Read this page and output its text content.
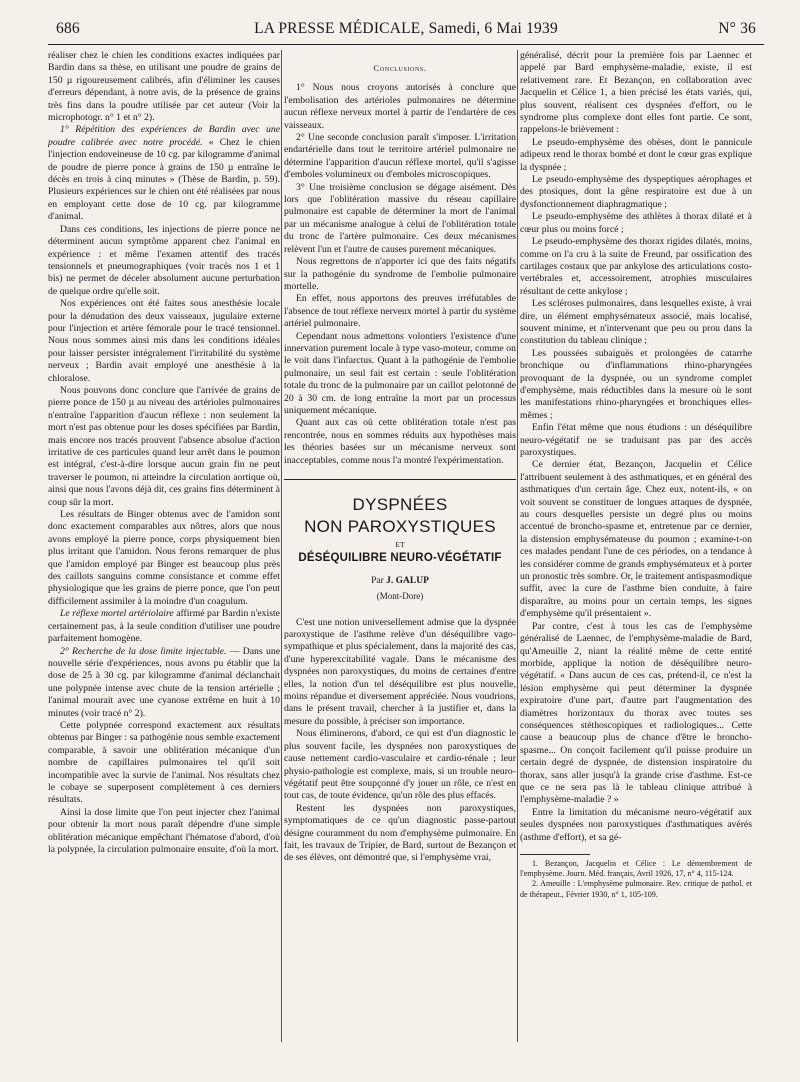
686	LA PRESSE MÉDICALE, Samedi, 6 Mai 1939	N° 36

réaliser chez le chien les conditions exactes indiquées par Bardin dans sa thèse, en utilisant une poudre de grains de 150 µ rigoureusement calibrés, afin d'éliminer les causes d'erreurs dépendant, à notre avis, de la présence de grains très fins dans la poudre utilisée par cet auteur (Voir la microphotogr. n° 1 et n° 2).

1° Répétition des expériences de Bardin avec une poudre calibrée avec notre procédé. « Chez le chien l'injection endoveineuse de 10 cg. par kilogramme d'animal de poudre de pierre ponce à grains de 150 µ entraîne le décès en trois à cinq minutes » (Thèse de Bardin, p. 59). Plusieurs expériences sur le chien ont été réalisées par nous en employant cette dose de 10 cg. par kilogramme d'animal.

Dans ces conditions, les injections de pierre ponce ne déterminent aucun symptôme apparent chez l'animal en expérience : et même l'examen attentif des tracés tensionnels et pneumographiques (voir tracés nos 1 et 1 bis) ne permet de déceler absolument aucune perturbation de quelque ordre qu'elle soit.

Nos expériences ont été faites sous anesthésie locale pour la dénudation des deux vaisseaux, jugulaire externe pour l'injection et artère fémorale pour le tracé tensionnel. Nous nous sommes ainsi mis dans les conditions idéales pour laisser persister intégralement l'irritabilité du système nerveux ; Bardin avait employé une anesthésie à la chloralose.

Nous pouvons donc conclure que l'arrivée de grains de pierre ponce de 150 µ au niveau des artérioles pulmonaires n'entraîne l'apparition d'aucun réflexe : non seulement la mort n'est pas obtenue pour les doses spécifiées par Bardin, mais encore nos tracés prouvent l'absence absolue d'action irritative de ces particules quand leur arrêt dans le poumon est intégral, c'est-à-dire lorsque aucun grain fin ne peut traverser le poumon, ni atteindre la circulation aortique où, ainsi que nous l'avons déjà dit, ces grains fins déterminent à coup sûr la mort.

Les résultats de Binger obtenus avec de l'amidon sont donc exactement comparables aux nôtres, alors que nous avons employé la pierre ponce, corps physiquement bien plus irritant que l'amidon. Nous ferons remarquer de plus que l'amidon employé par Binger est beaucoup plus près des caillots sanguins comme consistance et comme effet physiologique que les grains de pierre ponce, que l'on peut difficilement assimiler à la moindre d'un coagulum.

Le réflexe mortel artériolaire affirmé par Bardin n'existe certainement pas, à la seule condition d'utiliser une poudre parfaitement homogène.

2° Recherche de la dose limite injectable. — Dans une nouvelle série d'expériences, nous avons pu établir que la dose de 25 à 30 cg. par kilogramme d'animal déclanchait une polypnée intense avec chute de la tension artérielle ; l'animal mourait avec une cyanose extrême en huit à 10 minutes (voir tracé n° 2).

Cette polypnée correspond exactement aux résultats obtenus par Binger : sa pathogénie nous semble exactement comparable, à savoir une oblitération mécanique d'un nombre de capillaires pulmonaires tel qu'il soit incompatible avec la survie de l'animal. Nos résultats chez le cobaye se superposent complètement à ces derniers résultats.

Ainsi la dose limite que l'on peut injecter chez l'animal pour obtenir la mort nous paraît dépendre d'une simple oblitération mécanique empêchant l'hématose d'abord, d'où la polypnée, la circulation pulmonaire ensuite, d'où la mort.

Conclusions.

1° Nous nous croyons autorisés à conclure que l'embolisation des artérioles pulmonaires ne détermine aucun réflexe nerveux mortel à partir de l'endartère de ces vaisseaux.

2° Une seconde conclusion paraît s'imposer. L'irritation endartérielle dans tout le territoire artériel pulmonaire ne détermine l'apparition d'aucun réflexe mortel, qu'il s'agisse d'emboles volumineux ou d'emboles microscopiques.

3° Une troisième conclusion se dégage aisément. Dès lors que l'oblitération massive du réseau capillaire pulmonaire est capable de déterminer la mort de l'animal par un mécanisme analogue à celui de l'oblitération totale du tronc de l'artère pulmonaire. Ces deux mécanismes relèvent l'un et l'autre de causes purement mécaniques.

Nous regrettons de n'apporter ici que des faits négatifs sur la pathogénie du syndrome de l'embolie pulmonaire mortelle.

En effet, nous apportons des preuves irréfutables de l'absence de tout réflexe nerveux mortel à partir du système artériel pulmonaire.

Cependant nous admettons volontiers l'existence d'une innervation purement locale à type vaso-moteur, comme on le voit dans l'infarctus. Quant à la pathogénie de l'embolie pulmonaire, un seul fait est certain : seule l'oblitération totale du tronc de la pulmonaire par un caillot pelotonné de 20 à 30 cm. de long entraîne la mort par un processus uniquement mécanique.

Quant aux cas où cette oblitération totale n'est pas rencontrée, nous en sommes réduits aux hypothèses mais les théories basées sur un mécanisme nerveux sont inacceptables, comme nous l'a montré l'expérimentation.

DYSPNÉES
NON PAROXYSTIQUES
ET
DÉSÉQUILIBRE NEURO-VÉGÉTATIF
Par J. GALUP
(Mont-Dore)

C'est une notion universellement admise que la dyspnée paroxystique de l'asthme relève d'un déséquilibre vago-sympathique et plus spécialement, dans la majorité des cas, d'une hyperexcitabilité vagale. Dans le mécanisme des dyspnées non paroxystiques, du moins de certaines d'entre elles, la notion d'un tel déséquilibre est plus nouvelle, moins répandue et diversement appréciée. Nous voudrions, dans le présent travail, chercher à la justifier et, dans la mesure du possible, à préciser son importance.

Nous éliminerons, d'abord, ce qui est d'un diagnostic le plus souvent facile, les dyspnées non paroxystiques de cause nettement cardio-vasculaire et cardio-rénale ; leur physio-pathologie est complexe, mais, si un trouble neuro-végétatif peut être soupçonné d'y jouer un rôle, ce n'est en tout cas, de toute évidence, qu'un rôle des plus effacés.

Restent les dyspnées non paroxystiques, symptomatiques de ce qu'un diagnostic passe-partout désigne couramment du nom d'emphysème pulmonaire. En fait, les travaux de Tripier, de Bard, surtout de Bezançon et de ses élèves, ont démontré que, si l'emphysème vrai,

généralisé, décrit pour la première fois par Laennec et appelé par Bard emphysème-maladie, existe, il est relativement rare. Et Bezançon, en collaboration avec Jacquelin et Célice 1, a bien précisé les états variés, qui, plus souvent, réalisent ces dyspnées d'effort, ou le syndrome plus complexe dont elles font partie. Ce sont, rappelons-le brièvement :

Le pseudo-emphysème des obèses, dont le pannicule adipeux rend le thorax bombé et dont le cœur gras explique la dyspnée ;

Le pseudo-emphysème des dyspeptiques aérophages et des ptosiques, dont la gêne respiratoire est due à un dysfonctionnement diaphragmatique ;

Le pseudo-emphysème des athlètes à thorax dilaté et à cœur plus ou moins forcé ;

Le pseudo-emphysème des thorax rigides dilatés, moins, comme on l'a cru à la suite de Freund, par ossification des cartilages costaux que par ankylose des articulations costo-vertébrales et, accessoirement, atrophies musculaires résultant de cette ankylose ;

Les scléroses pulmonaires, dans lesquelles existe, à vrai dire, un élément emphysémateux associé, mais localisé, souvent minime, et n'intervenant que peu ou prou dans la constitution du tableau clinique ;

Les poussées subaiguës et prolongées de catarrhe bronchique ou d'inflammations rhino-pharyngées provoquant de la dyspnée, ou un syndrome complet d'emphysème, mais réductibles dans la mesure où le sont les manifestations rhino-pharyngées et bronchiques elles-mêmes ;

Enfin l'état même que nous étudions : un déséquilibre neuro-végétatif ne se traduisant pas par des accès paroxystiques.

Ce dernier état, Bezançon, Jacquelin et Célice l'attribuent seulement à des asthmatiques, et en général des asthmatiques d'un certain âge. Chez eux, notent-ils, « on voit souvent se constituer de longues attaques de dyspnée, au cours desquelles persiste un degré plus ou moins accentué de broncho-spasme et, entretenue par ce dernier, la distension emphysémateuse du poumon ; examine-t-on ces malades pendant l'une de ces périodes, on a tendance à les considérer comme de grands emphysémateux et à porter un pronostic très sombre. Or, le traitement antispasmodique suffit, avec la cure de l'asthme bien conduite, à faire disparaître, au moins pour un certain temps, les signes d'emphysème qu'il présentaient ».

Par contre, c'est à tous les cas de l'emphysème généralisé de Laennec, de l'emphysème-maladie de Bard, qu'Ameuille 2, niant la réalité même de cette entité morbide, applique la notion de déséquilibre neuro-végétatif. « Dans aucun de ces cas, prétend-il, ce n'est la lésion emphysème qui peut déterminer la dyspnée expiratoire d'une part, d'autre part l'augmentation des diamètres horizontaux du thorax avec toutes ses conséquences stéthoscopiques et radiologiques... Cette cause a beaucoup plus de chance d'être le broncho-spasme... On conçoit facilement qu'il puisse produire un certain degré de dyspnée, de distension inspiratoire du thorax, sans aller jusqu'à la grande crise d'asthme. Est-ce que ce ne sera pas là le tableau clinique attribué à l'emphysème-maladie ? »

Entre la limitation du mécanisme neuro-végétatif aux seules dyspnées non paroxystiques d'asthmatiques avérés (asthme d'effort), et sa gé-

1. Bezançon, Jacquelin et Célice : Le démembrement de l'emphysème. Journ. Méd. français, Avril 1926, 17, n° 4, 115-124.

2. Ameuille : L'emphysème pulmonaire. Rev. critique de pathol. et de thérapeut., Février 1930, n° 1, 105-109.
